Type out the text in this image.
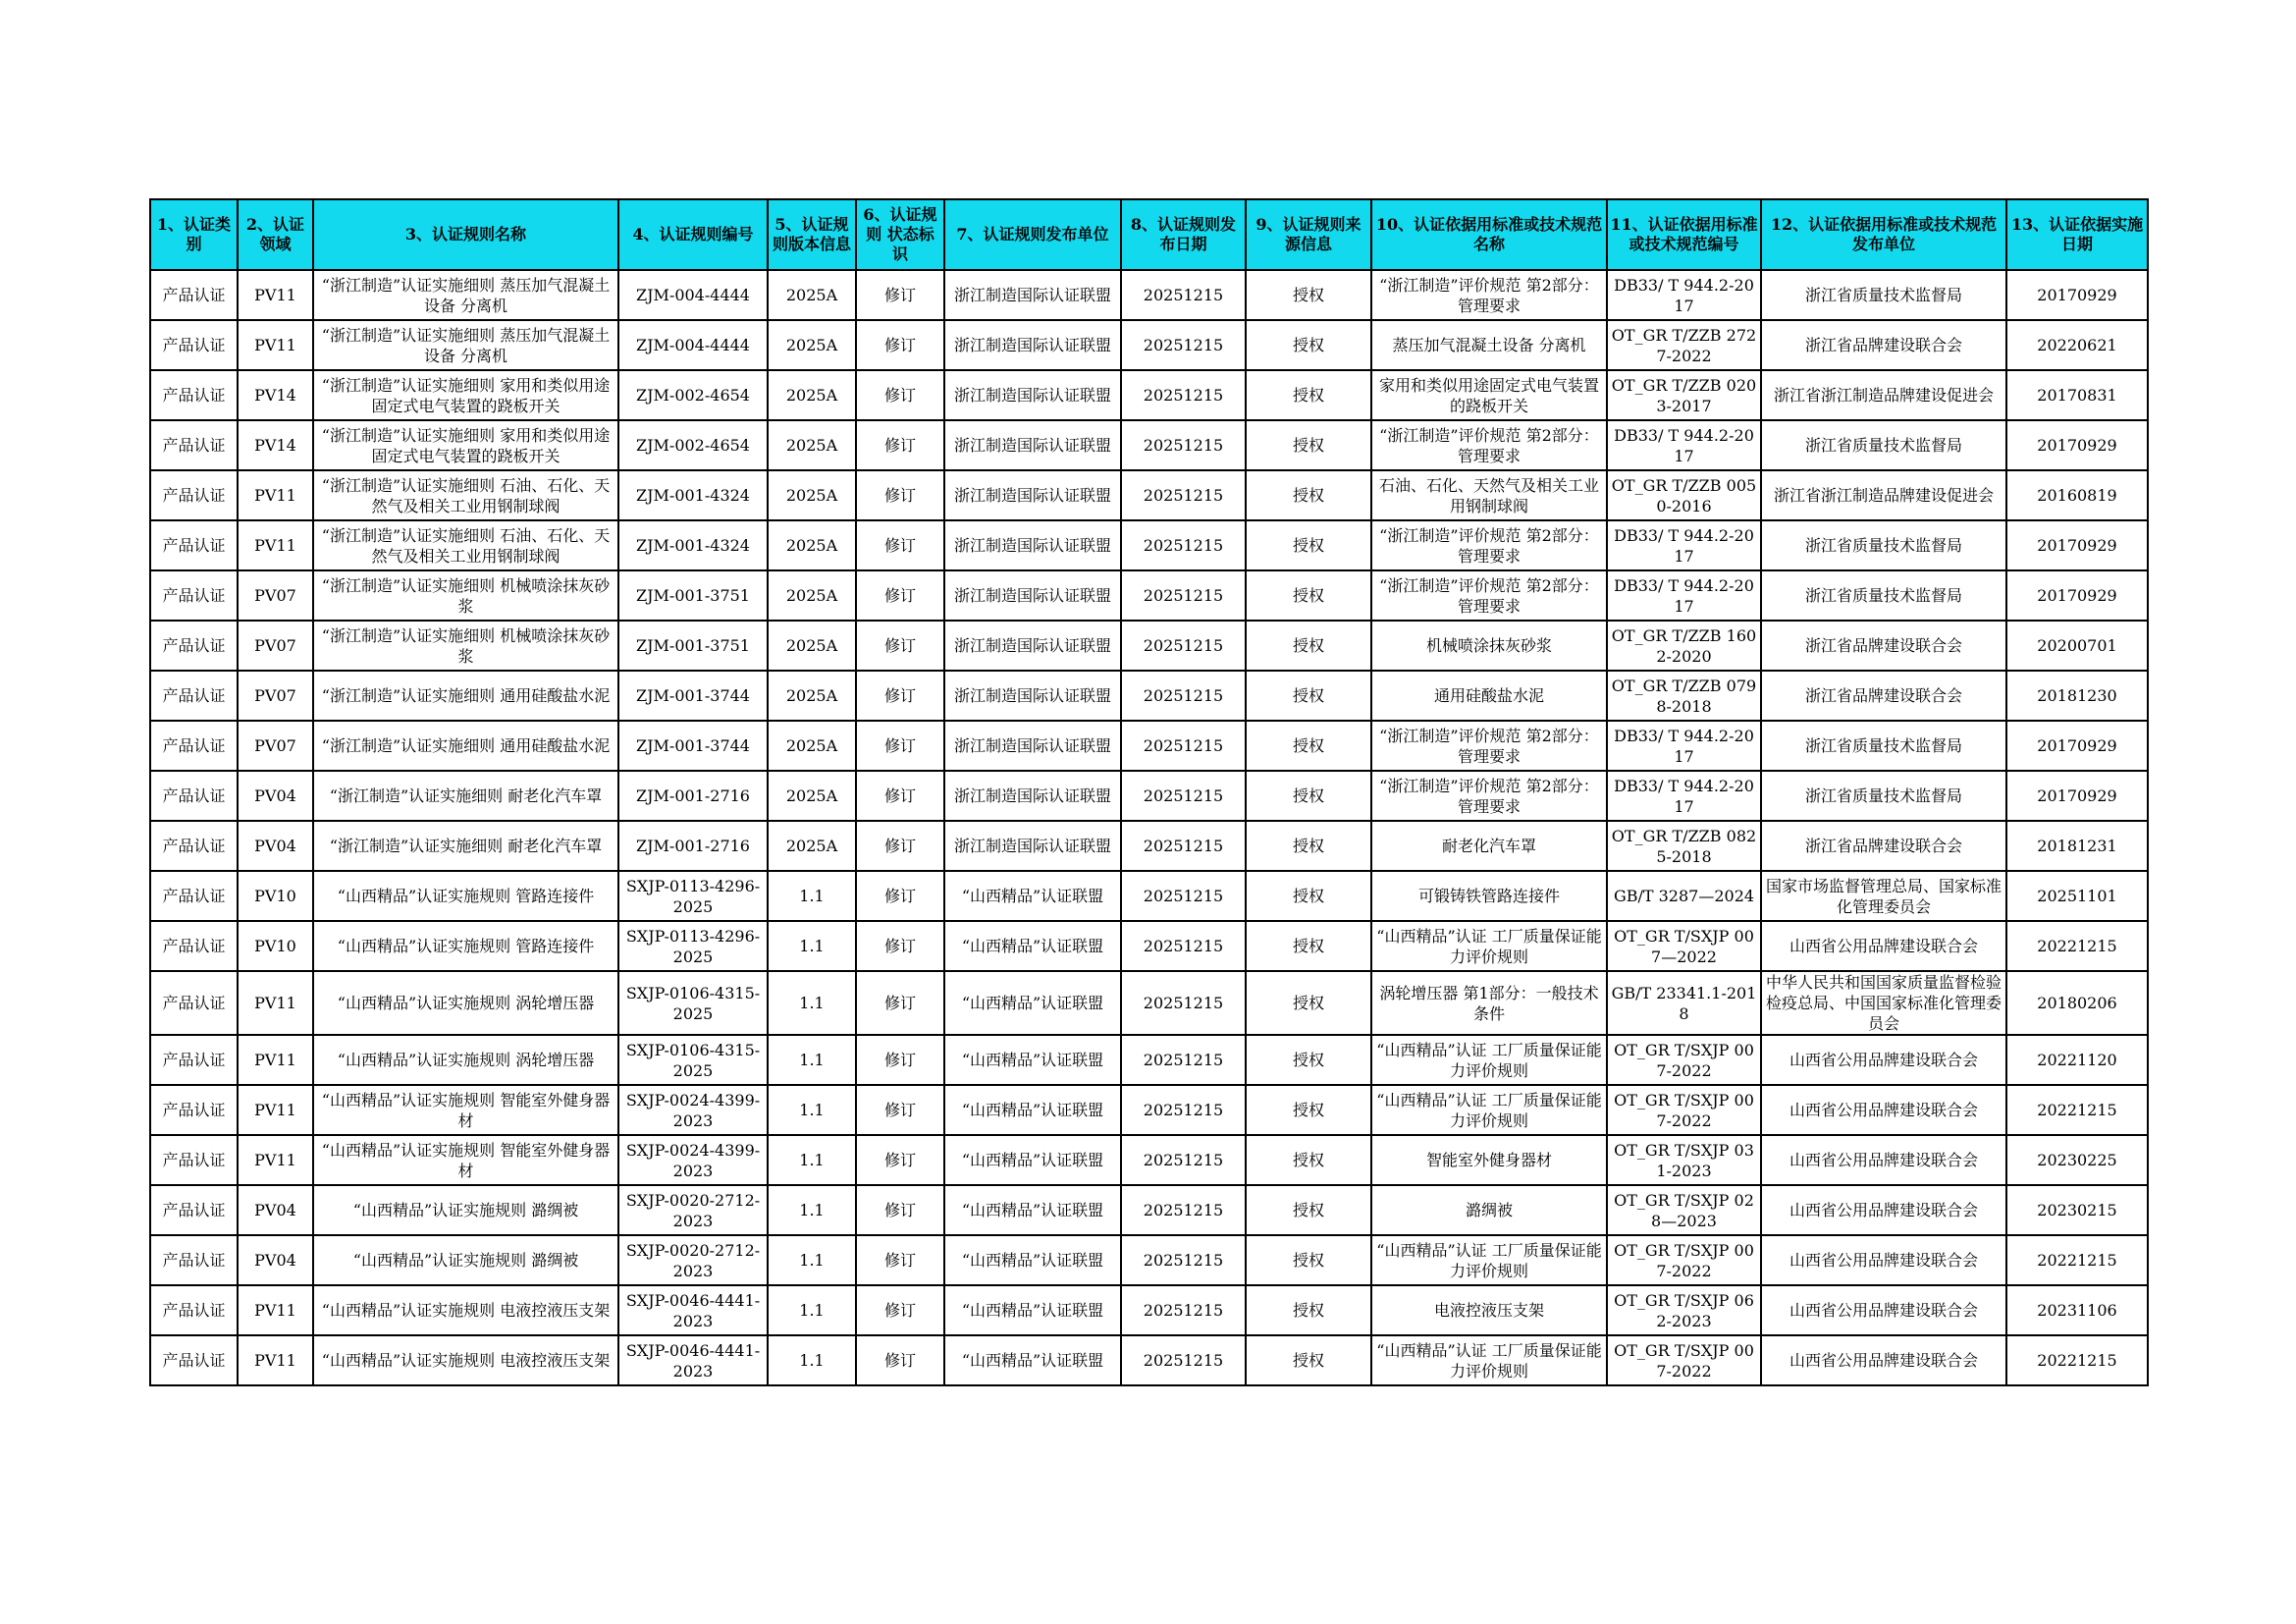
1、认证类别	2、认证领域	3、认证规则名称	4、认证规则编号	5、认证规则版本信息	6、认证规则 状态标识	7、认证规则发布单位	8、认证规则发布日期	9、认证规则来源信息	10、认证依据用标准或技术规范名称	11、认证依据用标准或技术规范编号	12、认证依据用标准或技术规范发布单位	13、认证依据实施日期
产品认证	PV11	“浙江制造”认证实施细则 蒸压加气混凝土设备 分离机	ZJM-004-4444	2025A	修订	浙江制造国际认证联盟	20251215	授权	“浙江制造”评价规范 第2部分：管理要求	DB33/ T 944.2-2017	浙江省质量技术监督局	20170929
产品认证	PV11	“浙江制造”认证实施细则 蒸压加气混凝土设备 分离机	ZJM-004-4444	2025A	修订	浙江制造国际认证联盟	20251215	授权	蒸压加气混凝土设备 分离机	OT_GR T/ZZB 2727-2022	浙江省品牌建设联合会	20220621
产品认证	PV14	“浙江制造”认证实施细则 家用和类似用途固定式电气装置的跷板开关	ZJM-002-4654	2025A	修订	浙江制造国际认证联盟	20251215	授权	家用和类似用途固定式电气装置的跷板开关	OT_GR T/ZZB 0203-2017	浙江省浙江制造品牌建设促进会	20170831
产品认证	PV14	“浙江制造”认证实施细则 家用和类似用途固定式电气装置的跷板开关	ZJM-002-4654	2025A	修订	浙江制造国际认证联盟	20251215	授权	“浙江制造”评价规范 第2部分：管理要求	DB33/ T 944.2-2017	浙江省质量技术监督局	20170929
产品认证	PV11	“浙江制造”认证实施细则 石油、石化、天然气及相关工业用钢制球阀	ZJM-001-4324	2025A	修订	浙江制造国际认证联盟	20251215	授权	石油、石化、天然气及相关工业用钢制球阀	OT_GR T/ZZB 0050-2016	浙江省浙江制造品牌建设促进会	20160819
产品认证	PV11	“浙江制造”认证实施细则 石油、石化、天然气及相关工业用钢制球阀	ZJM-001-4324	2025A	修订	浙江制造国际认证联盟	20251215	授权	“浙江制造”评价规范 第2部分：管理要求	DB33/ T 944.2-2017	浙江省质量技术监督局	20170929
产品认证	PV07	“浙江制造”认证实施细则 机械喷涂抹灰砂浆	ZJM-001-3751	2025A	修订	浙江制造国际认证联盟	20251215	授权	“浙江制造”评价规范 第2部分：管理要求	DB33/ T 944.2-2017	浙江省质量技术监督局	20170929
产品认证	PV07	“浙江制造”认证实施细则 机械喷涂抹灰砂浆	ZJM-001-3751	2025A	修订	浙江制造国际认证联盟	20251215	授权	机械喷涂抹灰砂浆	OT_GR T/ZZB 1602-2020	浙江省品牌建设联合会	20200701
产品认证	PV07	“浙江制造”认证实施细则 通用硅酸盐水泥	ZJM-001-3744	2025A	修订	浙江制造国际认证联盟	20251215	授权	通用硅酸盐水泥	OT_GR T/ZZB 0798-2018	浙江省品牌建设联合会	20181230
产品认证	PV07	“浙江制造”认证实施细则 通用硅酸盐水泥	ZJM-001-3744	2025A	修订	浙江制造国际认证联盟	20251215	授权	“浙江制造”评价规范 第2部分：管理要求	DB33/ T 944.2-2017	浙江省质量技术监督局	20170929
产品认证	PV04	“浙江制造”认证实施细则 耐老化汽车罩	ZJM-001-2716	2025A	修订	浙江制造国际认证联盟	20251215	授权	“浙江制造”评价规范 第2部分：管理要求	DB33/ T 944.2-2017	浙江省质量技术监督局	20170929
产品认证	PV04	“浙江制造”认证实施细则 耐老化汽车罩	ZJM-001-2716	2025A	修订	浙江制造国际认证联盟	20251215	授权	耐老化汽车罩	OT_GR T/ZZB 0825-2018	浙江省品牌建设联合会	20181231
产品认证	PV10	“山西精品”认证实施规则 管路连接件	SXJP-0113-4296-2025	1.1	修订	“山西精品”认证联盟	20251215	授权	可锻铸铁管路连接件	GB/T 3287—2024	国家市场监督管理总局、国家标准化管理委员会	20251101
产品认证	PV10	“山西精品”认证实施规则 管路连接件	SXJP-0113-4296-2025	1.1	修订	“山西精品”认证联盟	20251215	授权	“山西精品”认证 工厂质量保证能力评价规则	OT_GR T/SXJP 007—2022	山西省公用品牌建设联合会	20221215
产品认证	PV11	“山西精品”认证实施规则 涡轮增压器	SXJP-0106-4315-2025	1.1	修订	“山西精品”认证联盟	20251215	授权	涡轮增压器 第1部分：一般技术条件	GB/T 23341.1-2018	中华人民共和国国家质量监督检验检疫总局、中国国家标准化管理委员会	20180206
产品认证	PV11	“山西精品”认证实施规则 涡轮增压器	SXJP-0106-4315-2025	1.1	修订	“山西精品”认证联盟	20251215	授权	“山西精品”认证 工厂质量保证能力评价规则	OT_GR T/SXJP 007-2022	山西省公用品牌建设联合会	20221120
产品认证	PV11	“山西精品”认证实施规则 智能室外健身器材	SXJP-0024-4399-2023	1.1	修订	“山西精品”认证联盟	20251215	授权	“山西精品”认证 工厂质量保证能力评价规则	OT_GR T/SXJP 007-2022	山西省公用品牌建设联合会	20221215
产品认证	PV11	“山西精品”认证实施规则 智能室外健身器材	SXJP-0024-4399-2023	1.1	修订	“山西精品”认证联盟	20251215	授权	智能室外健身器材	OT_GR T/SXJP 031-2023	山西省公用品牌建设联合会	20230225
产品认证	PV04	“山西精品”认证实施规则 潞绸被	SXJP-0020-2712-2023	1.1	修订	“山西精品”认证联盟	20251215	授权	潞绸被	OT_GR T/SXJP 028—2023	山西省公用品牌建设联合会	20230215
产品认证	PV04	“山西精品”认证实施规则 潞绸被	SXJP-0020-2712-2023	1.1	修订	“山西精品”认证联盟	20251215	授权	“山西精品”认证 工厂质量保证能力评价规则	OT_GR T/SXJP 007-2022	山西省公用品牌建设联合会	20221215
产品认证	PV11	“山西精品”认证实施规则 电液控液压支架	SXJP-0046-4441-2023	1.1	修订	“山西精品”认证联盟	20251215	授权	电液控液压支架	OT_GR T/SXJP 062-2023	山西省公用品牌建设联合会	20231106
产品认证	PV11	“山西精品”认证实施规则 电液控液压支架	SXJP-0046-4441-2023	1.1	修订	“山西精品”认证联盟	20251215	授权	“山西精品”认证 工厂质量保证能力评价规则	OT_GR T/SXJP 007-2022	山西省公用品牌建设联合会	20221215
